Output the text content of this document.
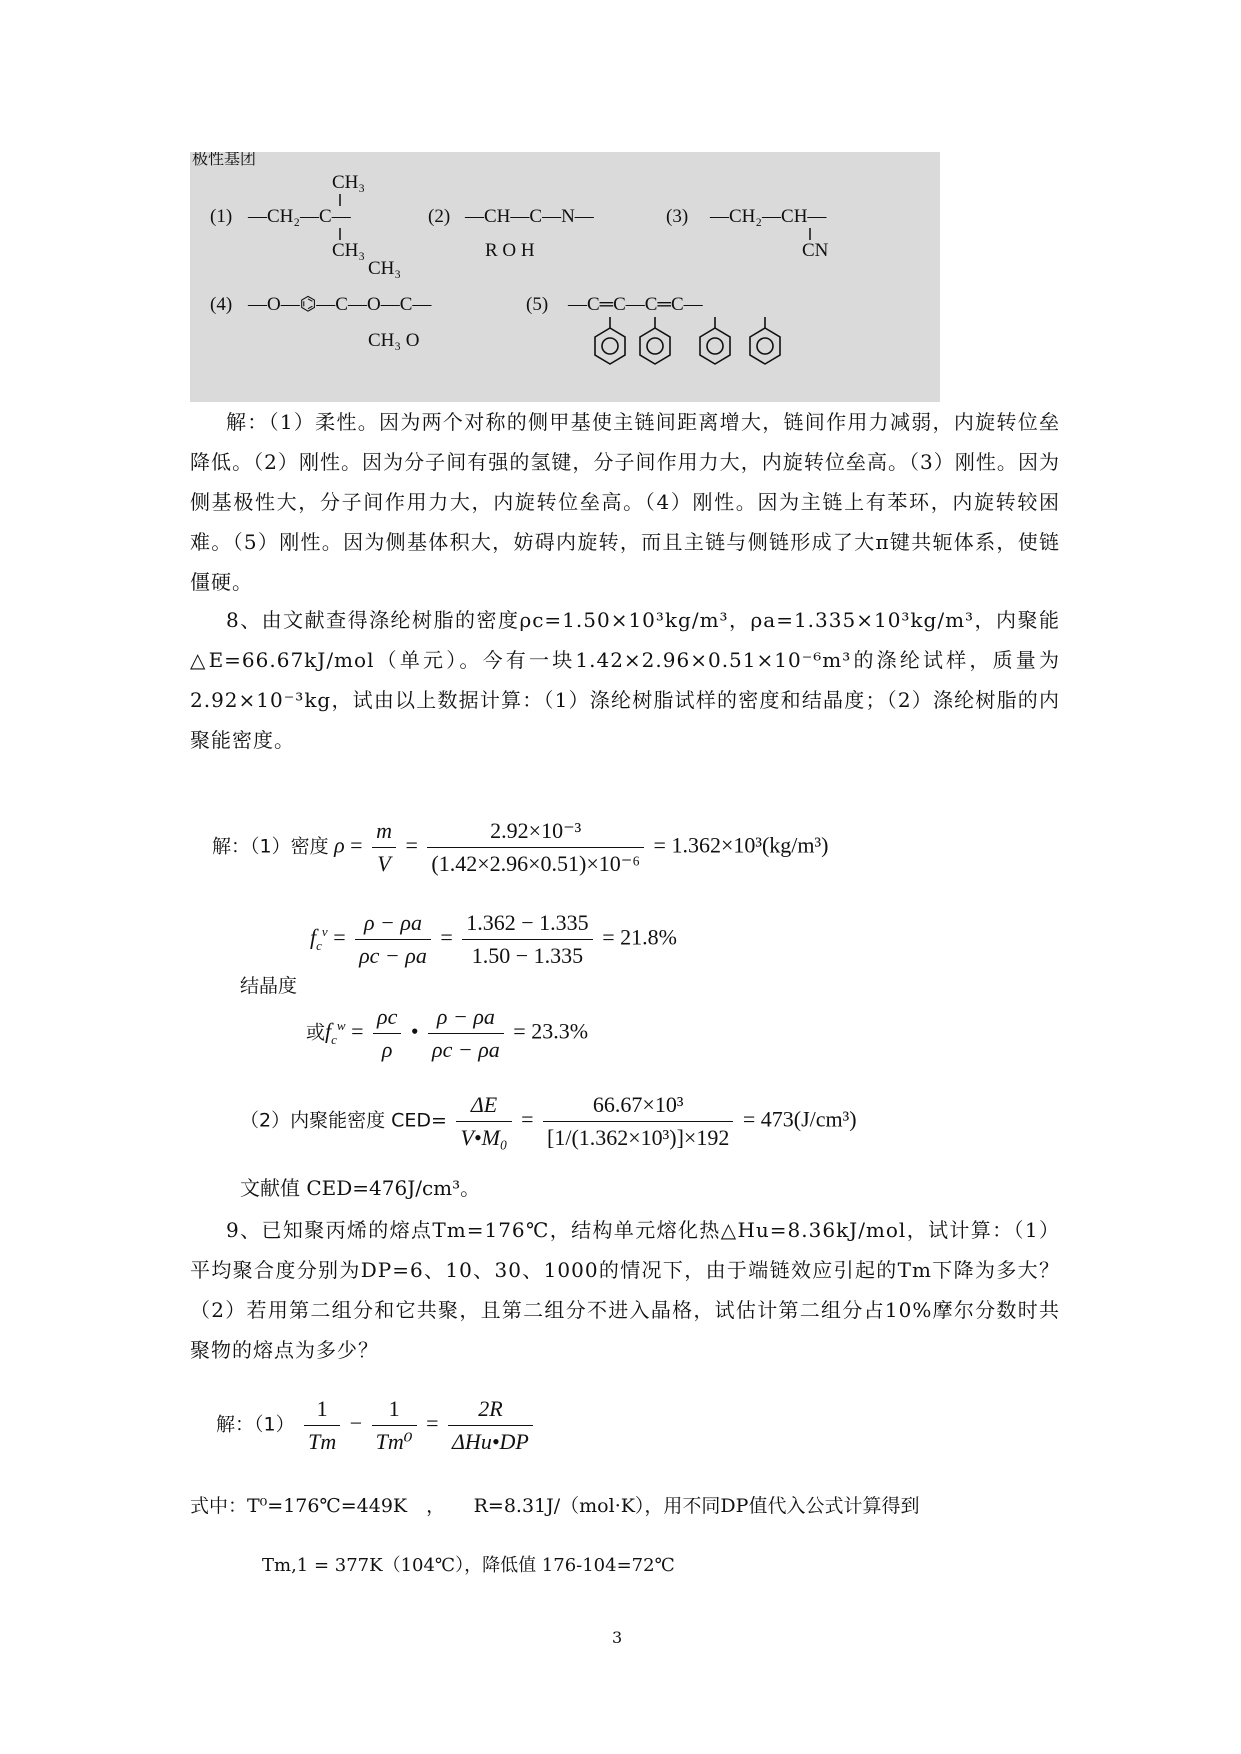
极性基团
(1)
CH₃
—CH₂—C—
CH₃
(2) —CH—C—N—
R O H
(3) —CH₂—CH—
CN
(4)
CH₃
—O—⌬—C—O—C—
CH₃ O
(5) —C═C—C═C—
解：（1）柔性。因为两个对称的侧甲基使主链间距离增大，链间作用力减弱，内旋转位垒降低。（2）刚性。因为分子间有强的氢键，分子间作用力大，内旋转位垒高。（3）刚性。因为侧基极性大，分子间作用力大，内旋转位垒高。（4）刚性。因为主链上有苯环，内旋转较困难。（5）刚性。因为侧基体积大，妨碍内旋转，而且主链与侧链形成了大π键共轭体系，使链僵硬。
8、由文献查得涤纶树脂的密度ρc=1.50×10³kg/m³，ρa=1.335×10³kg/m³，内聚能△E=66.67kJ/mol（单元）。今有一块1.42×2.96×0.51×10⁻⁶m³的涤纶试样，质量为2.92×10⁻³kg，试由以上数据计算：（1）涤纶树脂试样的密度和结晶度；（2）涤纶树脂的内聚能密度。
解：（1）密度 $\rho = \frac{m}{V} = \frac{\text{2.92×10⁻³}}{\text{(1.42×2.96×0.51)×10⁻⁶}} = 1.362\times 10^3(kg/m^3)$
$f_c^v = \frac{\rho - \rho a}{\rho c - \rho a} = \frac{1.362 - 1.335}{1.50 - 1.335} = 21.8\%$
结晶度
或$f_c^w = \frac{\rho c}{\rho}$ • $\frac{\rho - \rho a}{\rho c - \rho a} = 23.3\%$
（2）内聚能密度 $CED= \frac{\Delta E}{\text{V•M₀}} = \frac{\text{66.67×10³}}{\text{[1/(1.362×10³)]×192}} = 473(J/cm^3)$
文献值 CED=476J/cm³。
9、已知聚丙烯的熔点Tm=176℃，结构单元熔化热△Hu=8.36kJ/mol，试计算：（1）平均聚合度分别为DP=6、10、30、1000的情况下，由于端链效应引起的Tm下降为多大？（2）若用第二组分和它共聚，且第二组分不进入晶格，试估计第二组分占10%摩尔分数时共聚物的熔点为多少？
解：$(1) \frac{1}{Tm} - \frac{1}{\text{Tm⁰}} = \frac{2R}{\text{ΔHu•DP}}$
式中：T⁰=176℃=449K　，　　R=8.31J/（mol·K），用不同DP值代入公式计算得到
Tm,1 = 377K（104℃），降低值 176-104=72℃
3
